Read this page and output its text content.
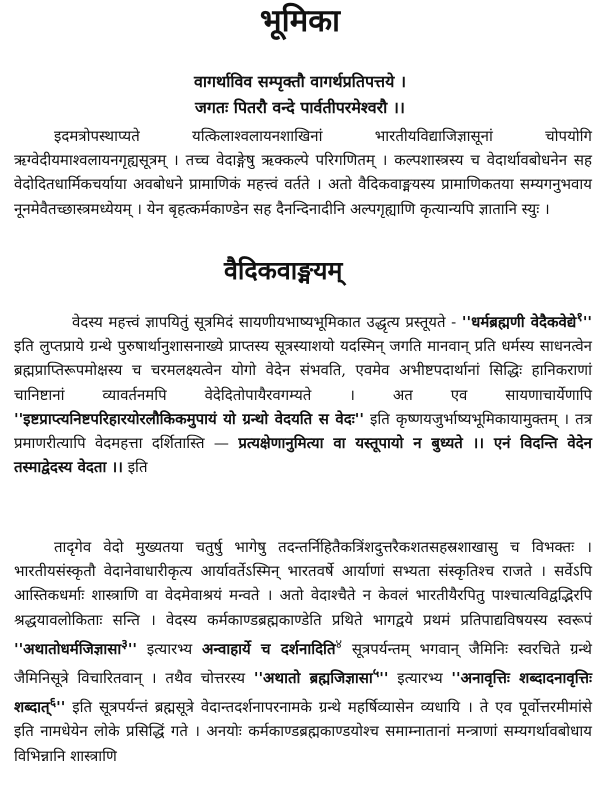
भूमिका
वागर्थाविव सम्पृक्तौ वागर्थप्रतिपत्तये ।
जगतः पितरौ वन्दे पार्वतीपरमेश्वरौ ।।

इदमत्रोपस्थाप्यते यत्किलाश्वलायनशाखिनां भारतीयविद्याजिज्ञासूनां चोपयोगि ऋग्वेदीयमाश्वलायनगृह्यसूत्रम् । तच्च वेदाङ्गेषु ऋक्कल्पे परिगणितम् । कल्पशास्त्रस्य च वेदार्थावबोधनेन सह वेदोदितधार्मिकचर्याया अवबोधने प्रामाणिकं महत्त्वं वर्तते । अतो वैदिकवाङ्मयस्य प्रामाणिकतया सम्यगनुभवाय नूनमेवैतच्छास्त्रमध्येयम् । येन बृहत्कर्मकाण्डेन सह दैनन्दिनादीनि अल्पगृह्याणि कृत्यान्यपि ज्ञातानि स्युः ।

वैदिकवाङ्मयम्

वेदस्य महत्त्वं ज्ञापयितुं सूत्रमिदं सायणीयभाष्यभूमिकात उद्धृत्य प्रस्तूयते - ''धर्मब्रह्मणी वेदैकवेद्ये$^१$'' इति लुप्तप्राये ग्रन्थे पुरुषार्थानुशासनाख्ये प्राप्तस्य सूत्रस्याशयो यदस्मिन् जगति मानवान् प्रति धर्मस्य साधनत्वेन ब्रह्मप्राप्तिरूपमोक्षस्य च चरमलक्ष्यत्वेन योगो वेदेन संभवति, एवमेव अभीष्टपदार्थानां सिद्धिः हानिकराणां चानिष्टानां व्यावर्तनमपि वेदेदितोपायैरवगम्यते । अत एव सायणाचार्येणापि ''इष्टप्राप्त्यनिष्टपरिहारयोरलौकिकमुपायं यो ग्रन्थो वेदयति स वेदः'' इति कृष्णयजुर्भाष्यभूमिकायामुक्तम् । तत्र प्रमाणरीत्यापि वेदमहत्ता दर्शितास्ति — प्रत्यक्षेणानुमित्या वा यस्तूपायो न बुध्यते ।। एनं विदन्ति वेदेन तस्माद्वेदस्य वेदता ।। इति

तादृगेव वेदो मुख्यतया चतुर्षु भागेषु तदन्तर्निहितैकत्रिंशदुत्तरैकशतसहस्रशाखासु च विभक्तः । भारतीयसंस्कृतौ वेदानेवाधारीकृत्य आर्यावर्तेऽस्मिन् भारतवर्षे आर्याणां सभ्यता संस्कृतिश्च राजते । सर्वेऽपि आस्तिकधर्माः शास्त्राणि वा वेदमेवाश्रयं मन्वते । अतो वेदाश्चैते न केवलं भारतीयैरपितु पाश्चात्यविद्वद्भिरपि श्रद्धयावलोकिताः सन्ति । वेदस्य कर्मकाण्डब्रह्मकाण्डेति प्रथिते भागद्वये प्रथमं प्रतिपाद्यविषयस्य स्वरूपं ''अथातोधर्मजिज्ञासा$^३$'' इत्यारभ्य अन्वाहार्ये च दर्शनादिति$^४$ सूत्रपर्यन्तम् भगवान् जैमिनिः स्वरचिते ग्रन्थे जैमिनिसूत्रे विचारितवान् । तथैव चोत्तरस्य ''अथातो ब्रह्मजिज्ञासा$^५$'' इत्यारभ्य ''अनावृत्तिः शब्दादनावृत्तिः शब्दात्$^६$'' इति सूत्रपर्यन्तं ब्रह्मसूत्रे वेदान्तदर्शनापरनामके ग्रन्थे महर्षिव्यासेन व्यधायि । ते एव पूर्वोत्तरमीमांसे इति नामधेयेन लोके प्रसिद्धिं गते । अनयोः कर्मकाण्डब्रह्मकाण्डयोश्च समाम्नातानां मन्त्राणां सम्यगर्थावबोधाय विभिन्नानि शास्त्राणि
